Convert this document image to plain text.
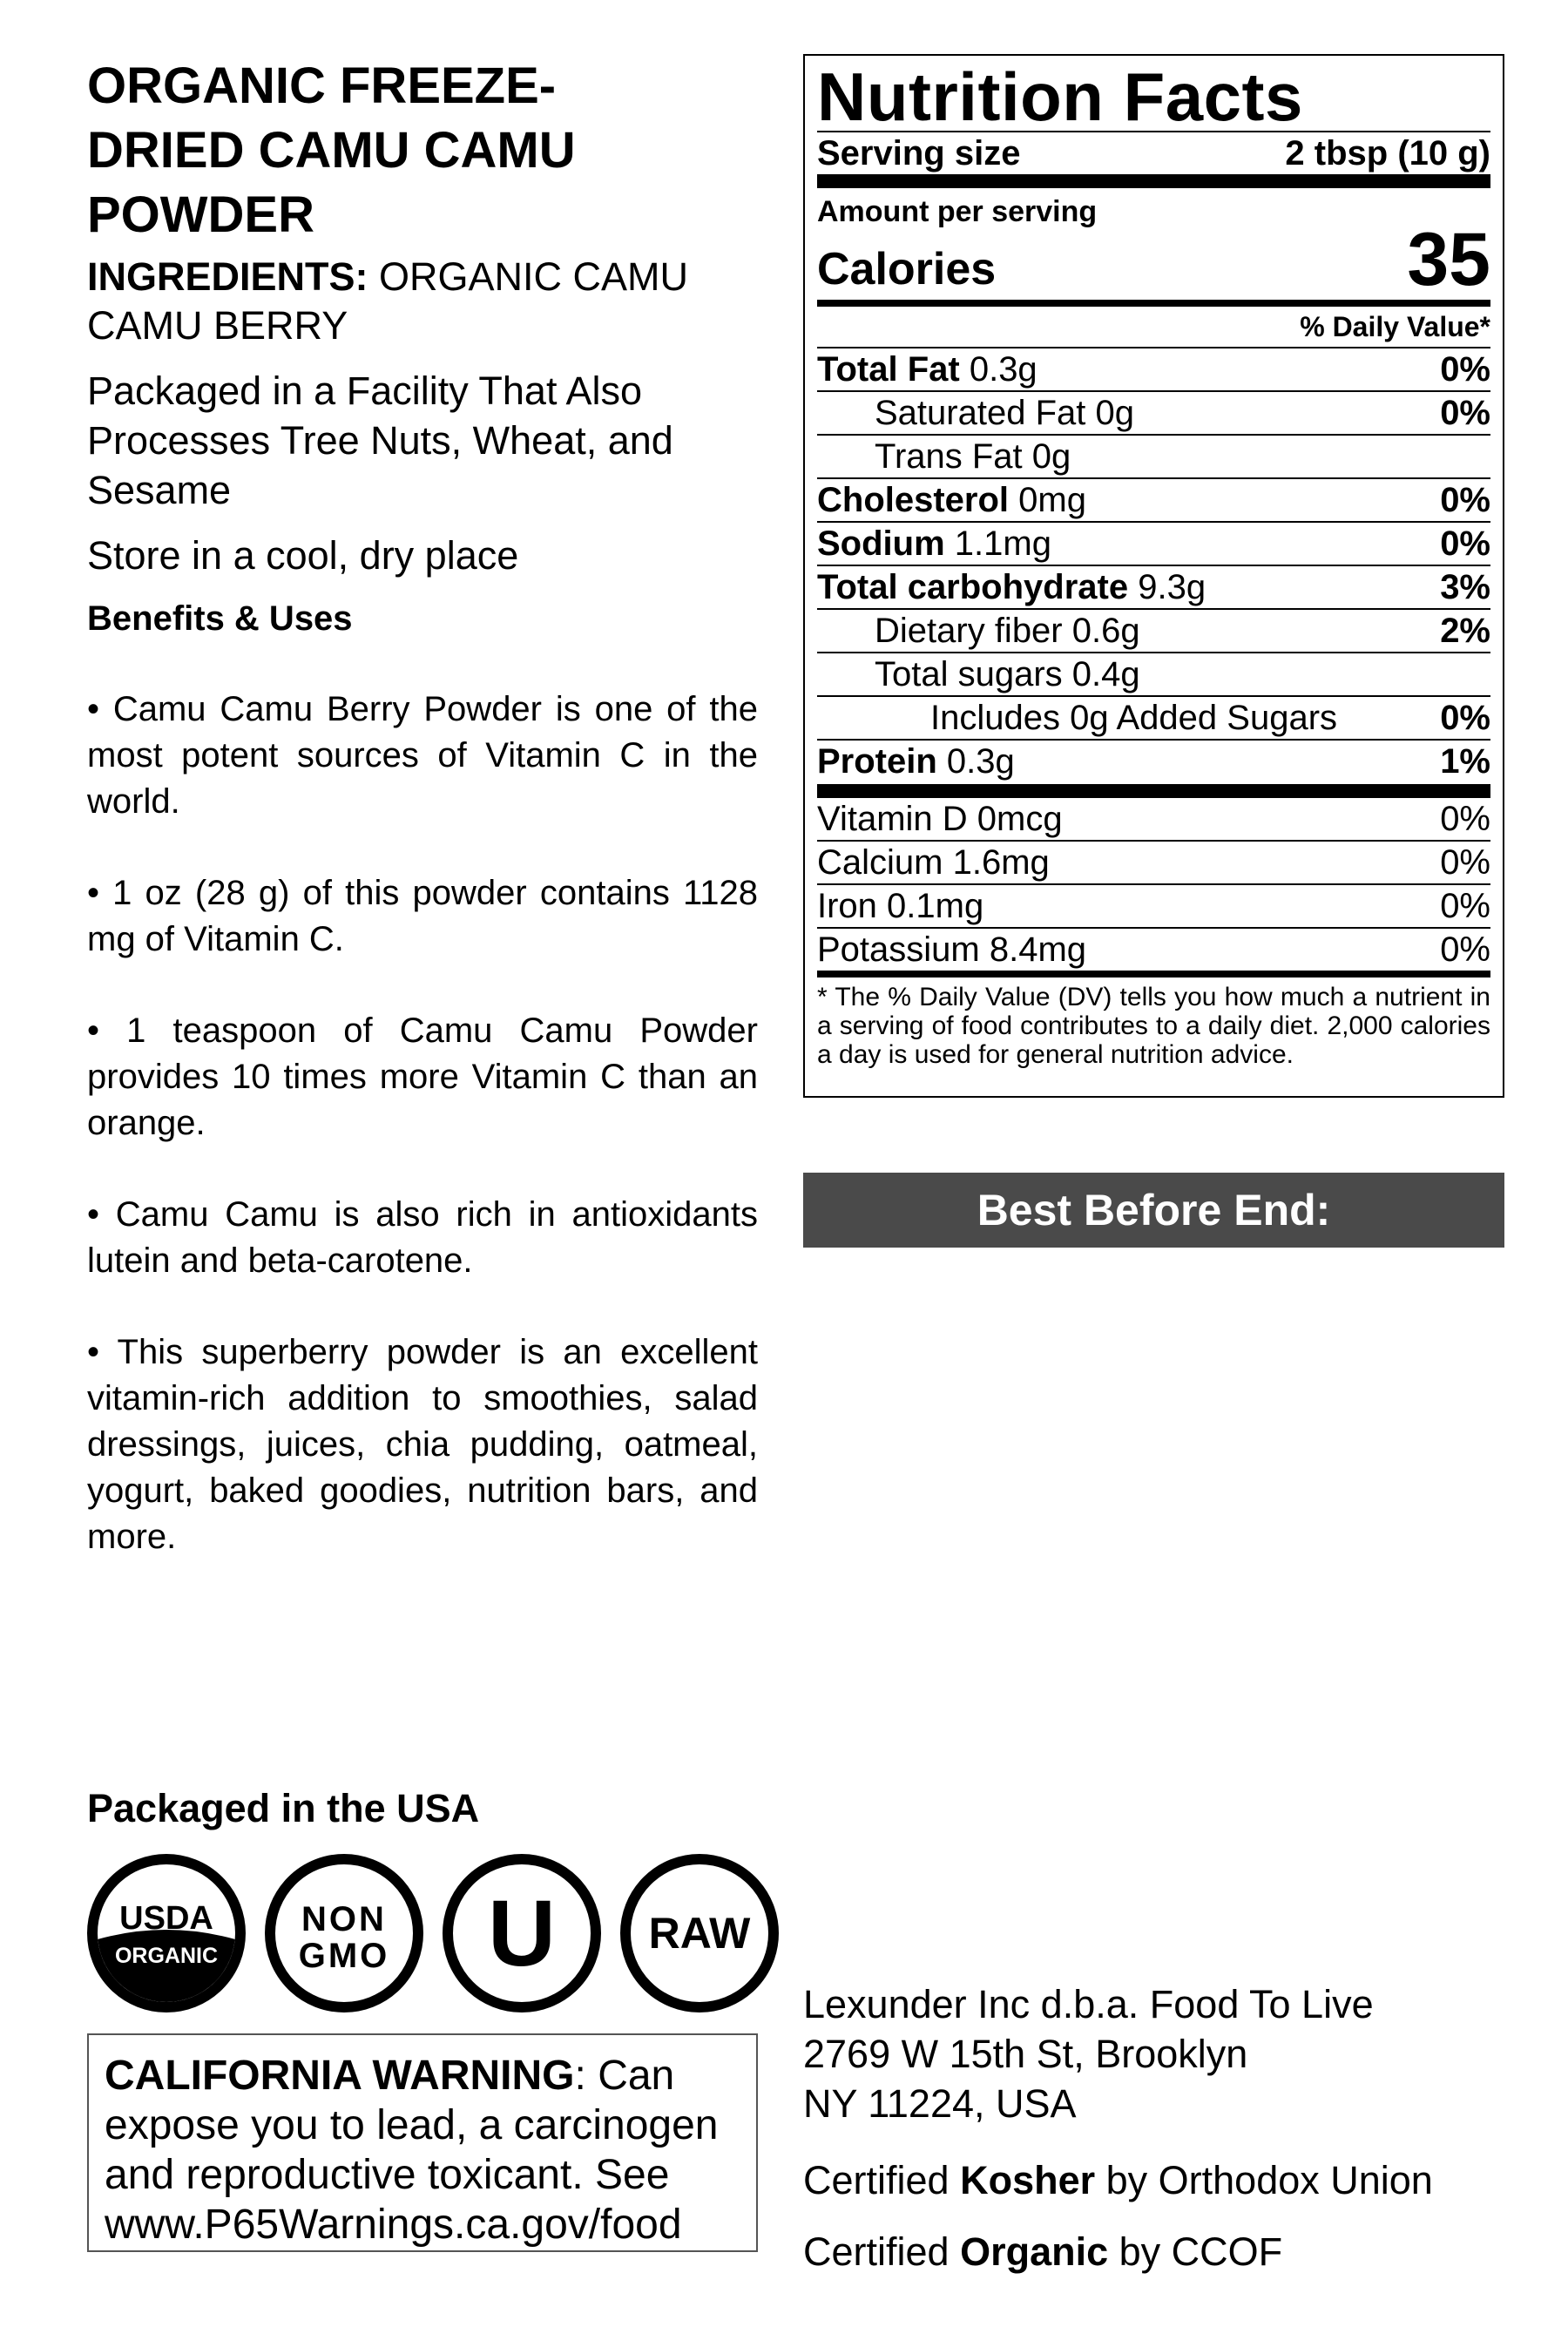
ORGANIC FREEZE-
DRIED CAMU CAMU
POWDER
INGREDIENTS: ORGANIC CAMU CAMU BERRY
Packaged in a Facility That Also Processes Tree Nuts, Wheat, and Sesame
Store in a cool, dry place
Benefits & Uses
• Camu Camu Berry Powder is one of the most potent sources of Vitamin C in the world.
• 1 oz (28 g) of this powder contains 1128 mg of Vitamin C.
• 1 teaspoon of Camu Camu Powder provides 10 times more Vitamin C than an orange.
• Camu Camu is also rich in antioxidants lutein and beta-carotene.
• This superberry powder is an excellent vitamin-rich addition to smoothies, salad dressings, juices, chia pudding, oatmeal, yogurt, baked goodies, nutrition bars, and more.
Packaged in the USA
USDA
ORGANIC
NON
GMO U RAW
CALIFORNIA WARNING: Can expose you to lead, a carcinogen and reproductive toxicant. See www.P65Warnings.ca.gov/food
Nutrition Facts
Serving size	2 tbsp (10 g)
Amount per serving
Calories	35
% Daily Value*
Total Fat 0.3g	0%
Saturated Fat 0g	0%
Trans Fat 0g
Cholesterol 0mg	0%
Sodium 1.1mg	0%
Total carbohydrate 9.3g	3%
Dietary fiber 0.6g	2%
Total sugars 0.4g
Includes 0g Added Sugars	0%
Protein 0.3g	1%
Vitamin D 0mcg	0%
Calcium 1.6mg	0%
Iron 0.1mg	0%
Potassium 8.4mg	0%
* The % Daily Value (DV) tells you how much a nutrient in a serving of food contributes to a daily diet. 2,000 calories a day is used for general nutrition advice.
Best Before End:
Lexunder Inc d.b.a. Food To Live
2769 W 15th St, Brooklyn
NY 11224, USA
Certified Kosher by Orthodox Union
Certified Organic by CCOF
